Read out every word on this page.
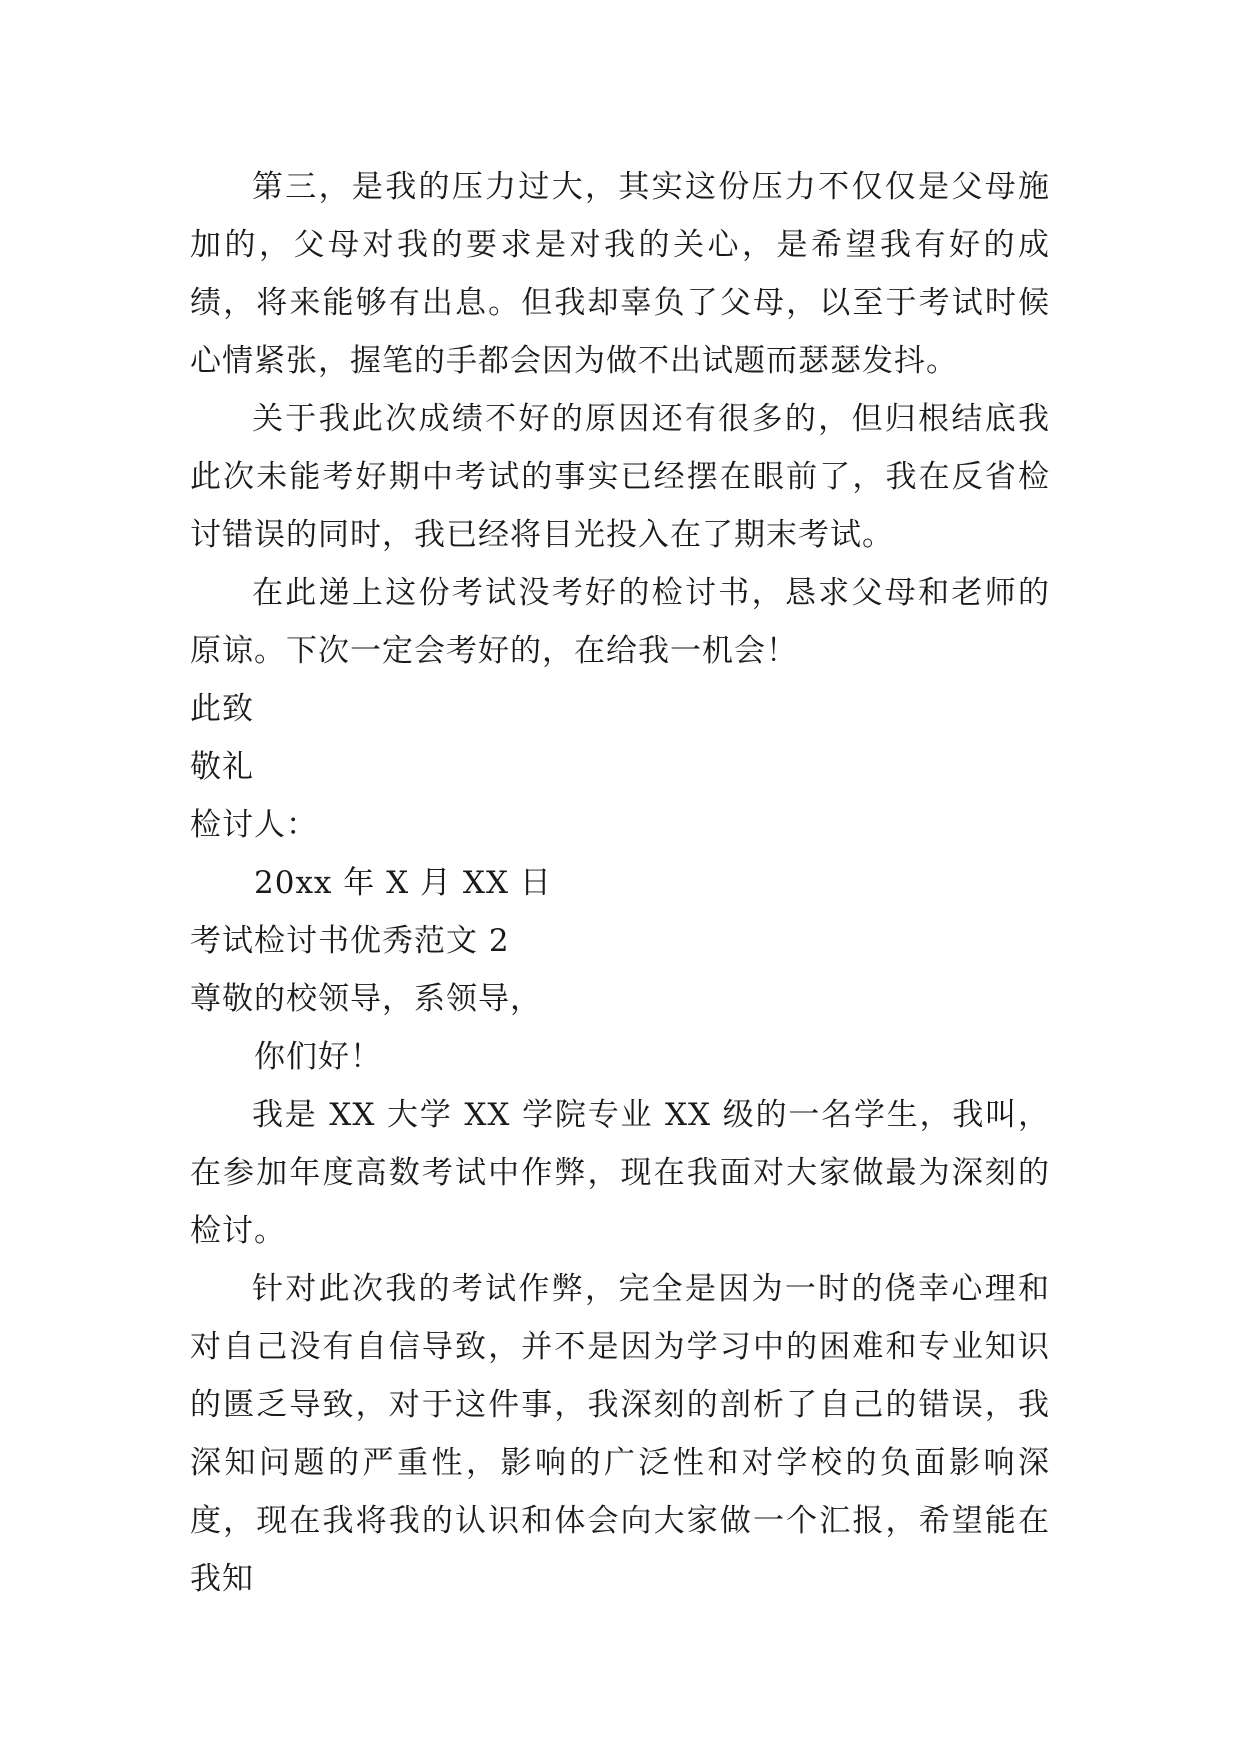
第三，是我的压力过大，其实这份压力不仅仅是父母施加的，父母对我的要求是对我的关心，是希望我有好的成绩，将来能够有出息。但我却辜负了父母，以至于考试时候心情紧张，握笔的手都会因为做不出试题而瑟瑟发抖。

关于我此次成绩不好的原因还有很多的，但归根结底我此次未能考好期中考试的事实已经摆在眼前了，我在反省检讨错误的同时，我已经将目光投入在了期末考试。

在此递上这份考试没考好的检讨书，恳求父母和老师的原谅。下次一定会考好的，在给我一机会！

此致

敬礼

检讨人：

20xx 年 X 月 XX 日

考试检讨书优秀范文 2

尊敬的校领导，系领导，

你们好！

我是 XX 大学 XX 学院专业 XX 级的一名学生，我叫，在参加年度高数考试中作弊，现在我面对大家做最为深刻的检讨。

针对此次我的考试作弊，完全是因为一时的侥幸心理和对自己没有自信导致，并不是因为学习中的困难和专业知识的匮乏导致，对于这件事，我深刻的剖析了自己的错误，我深知问题的严重性，影响的广泛性和对学校的负面影响深度，现在我将我的认识和体会向大家做一个汇报，希望能在我知
